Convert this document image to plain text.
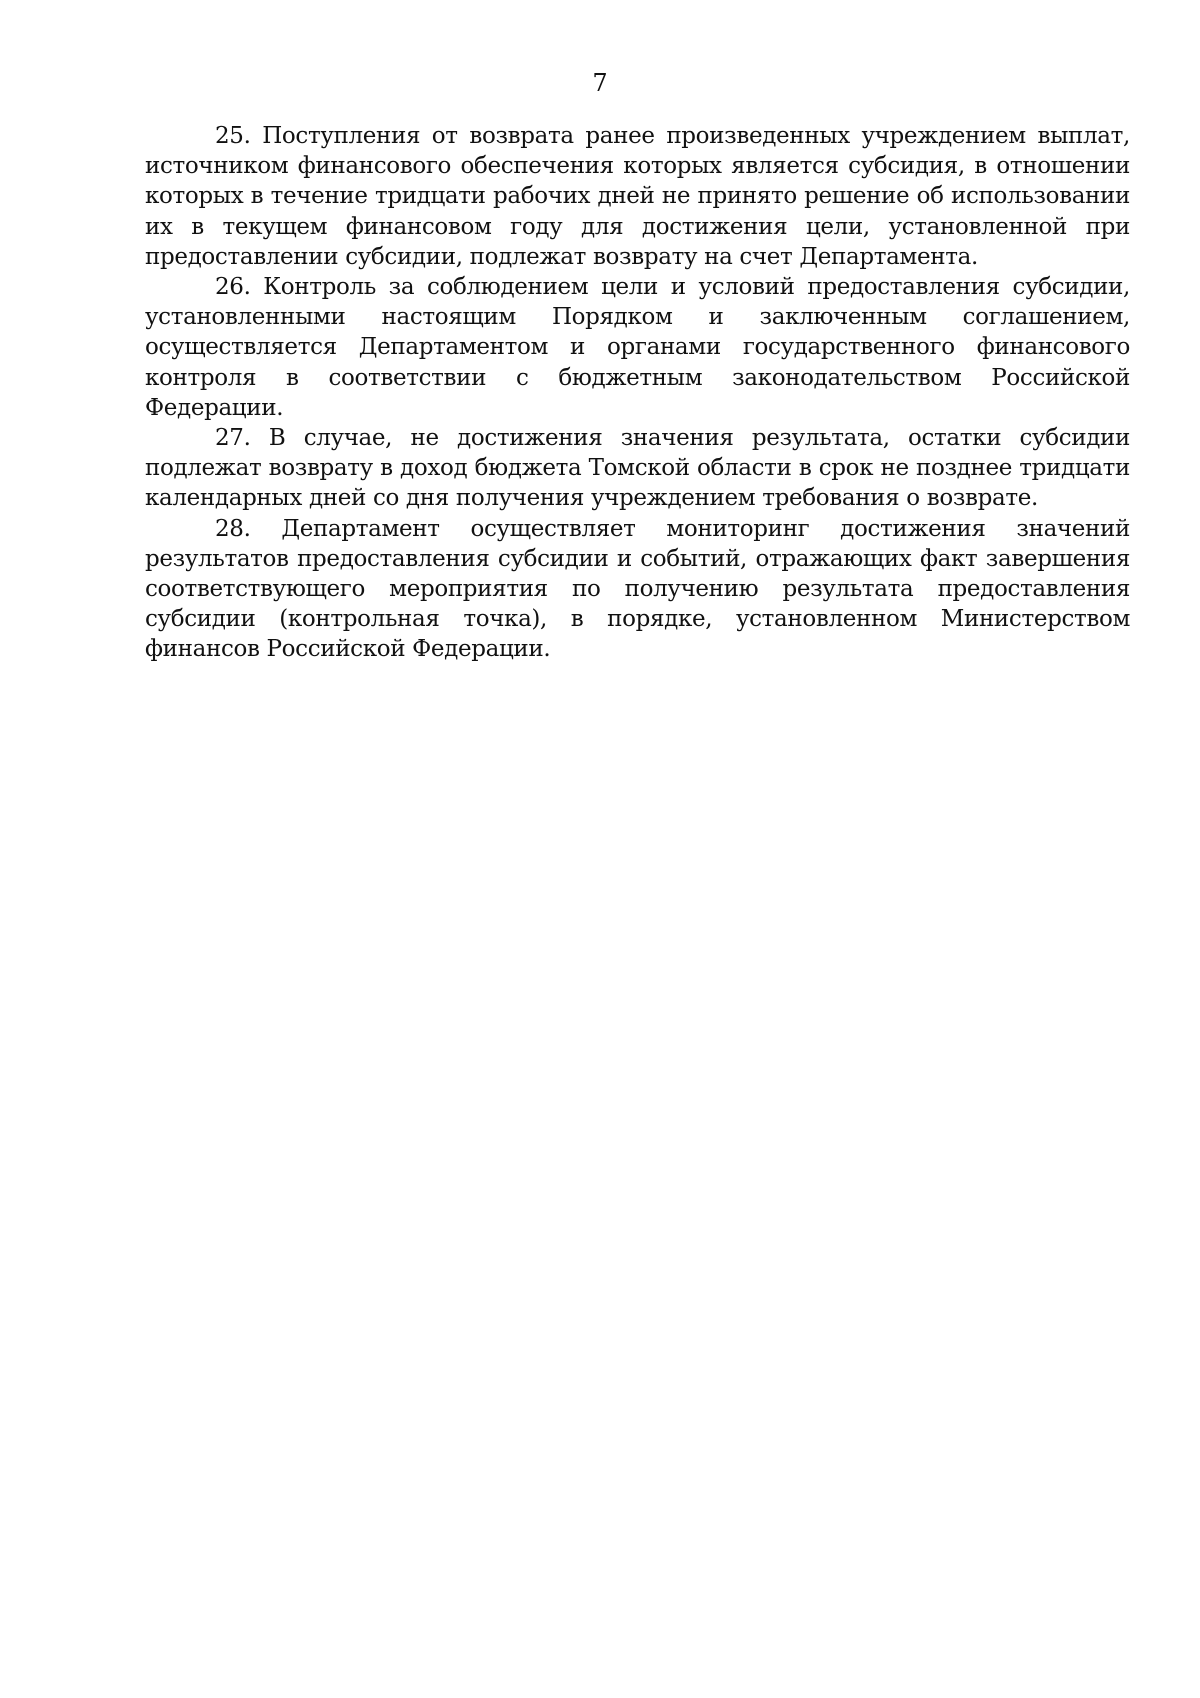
7

25. Поступления от возврата ранее произведенных учреждением выплат, источником финансового обеспечения которых является субсидия, в отношении которых в течение тридцати рабочих дней не принято решение об использовании их в текущем финансовом году для достижения цели, установленной при предоставлении субсидии, подлежат возврату на счет Департамента.

26. Контроль за соблюдением цели и условий предоставления субсидии, установленными настоящим Порядком и заключенным соглашением, осуществляется Департаментом и органами государственного финансового контроля в соответствии с бюджетным законодательством Российской Федерации.

27. В случае, не достижения значения результата, остатки субсидии подлежат возврату в доход бюджета Томской области в срок не позднее тридцати календарных дней со дня получения учреждением требования о возврате.

28. Департамент осуществляет мониторинг достижения значений результатов предоставления субсидии и событий, отражающих факт завершения соответствующего мероприятия по получению результата предоставления субсидии (контрольная точка), в порядке, установленном Министерством финансов Российской Федерации.
